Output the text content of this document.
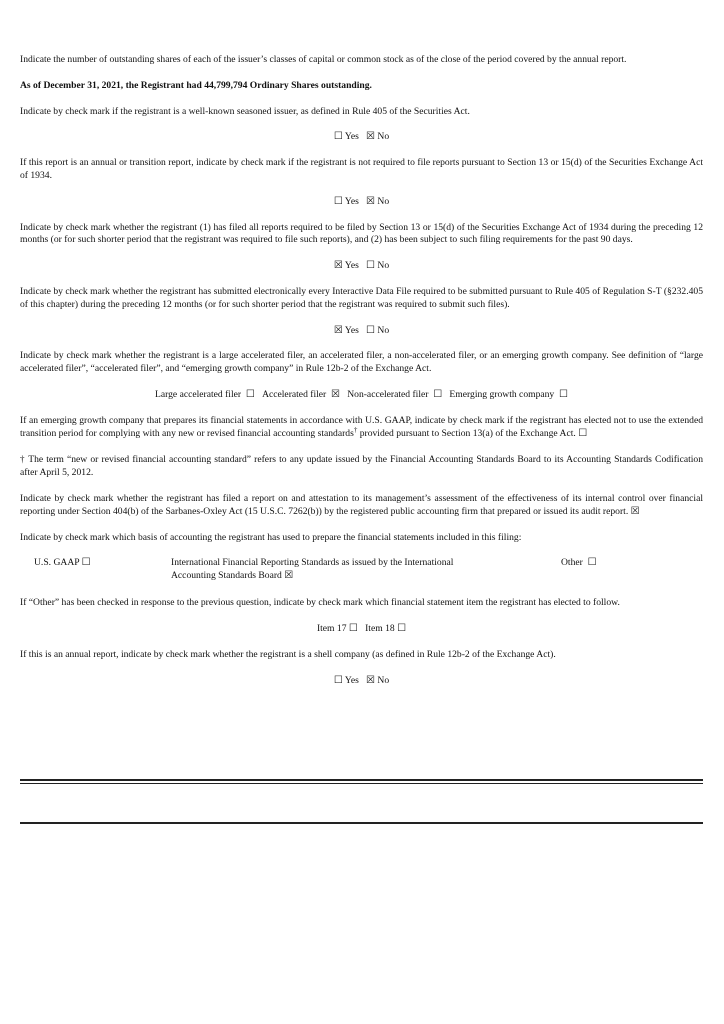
Indicate the number of outstanding shares of each of the issuer’s classes of capital or common stock as of the close of the period covered by the annual report.

As of December 31, 2021, the Registrant had 44,799,794 Ordinary Shares outstanding.

Indicate by check mark if the registrant is a well-known seasoned issuer, as defined in Rule 405 of the Securities Act.

☐ Yes ☒ No

If this report is an annual or transition report, indicate by check mark if the registrant is not required to file reports pursuant to Section 13 or 15(d) of the Securities Exchange Act of 1934.

☐ Yes ☒ No

Indicate by check mark whether the registrant (1) has filed all reports required to be filed by Section 13 or 15(d) of the Securities Exchange Act of 1934 during the preceding 12 months (or for such shorter period that the registrant was required to file such reports), and (2) has been subject to such filing requirements for the past 90 days.

☒ Yes ☐ No

Indicate by check mark whether the registrant has submitted electronically every Interactive Data File required to be submitted pursuant to Rule 405 of Regulation S-T (§232.405 of this chapter) during the preceding 12 months (or for such shorter period that the registrant was required to submit such files).

☒ Yes ☐ No

Indicate by check mark whether the registrant is a large accelerated filer, an accelerated filer, a non-accelerated filer, or an emerging growth company. See definition of “large accelerated filer”, “accelerated filer”, and “emerging growth company” in Rule 12b-2 of the Exchange Act.

Large accelerated filer ☐ Accelerated filer ☒ Non-accelerated filer ☐ Emerging growth company ☐

If an emerging growth company that prepares its financial statements in accordance with U.S. GAAP, indicate by check mark if the registrant has elected not to use the extended transition period for complying with any new or revised financial accounting standards† provided pursuant to Section 13(a) of the Exchange Act. ☐

† The term “new or revised financial accounting standard” refers to any update issued by the Financial Accounting Standards Board to its Accounting Standards Codification after April 5, 2012.

Indicate by check mark whether the registrant has filed a report on and attestation to its management’s assessment of the effectiveness of its internal control over financial reporting under Section 404(b) of the Sarbanes-Oxley Act (15 U.S.C. 7262(b)) by the registered public accounting firm that prepared or issued its audit report. ☒

Indicate by check mark which basis of accounting the registrant has used to prepare the financial statements included in this filing:

U.S. GAAP ☐	International Financial Reporting Standards as issued by the International
Accounting Standards Board ☒
Other ☐

If “Other” has been checked in response to the previous question, indicate by check mark which financial statement item the registrant has elected to follow.

Item 17 ☐ Item 18 ☐

If this is an annual report, indicate by check mark whether the registrant is a shell company (as defined in Rule 12b-2 of the Exchange Act).

☐ Yes ☒ No
